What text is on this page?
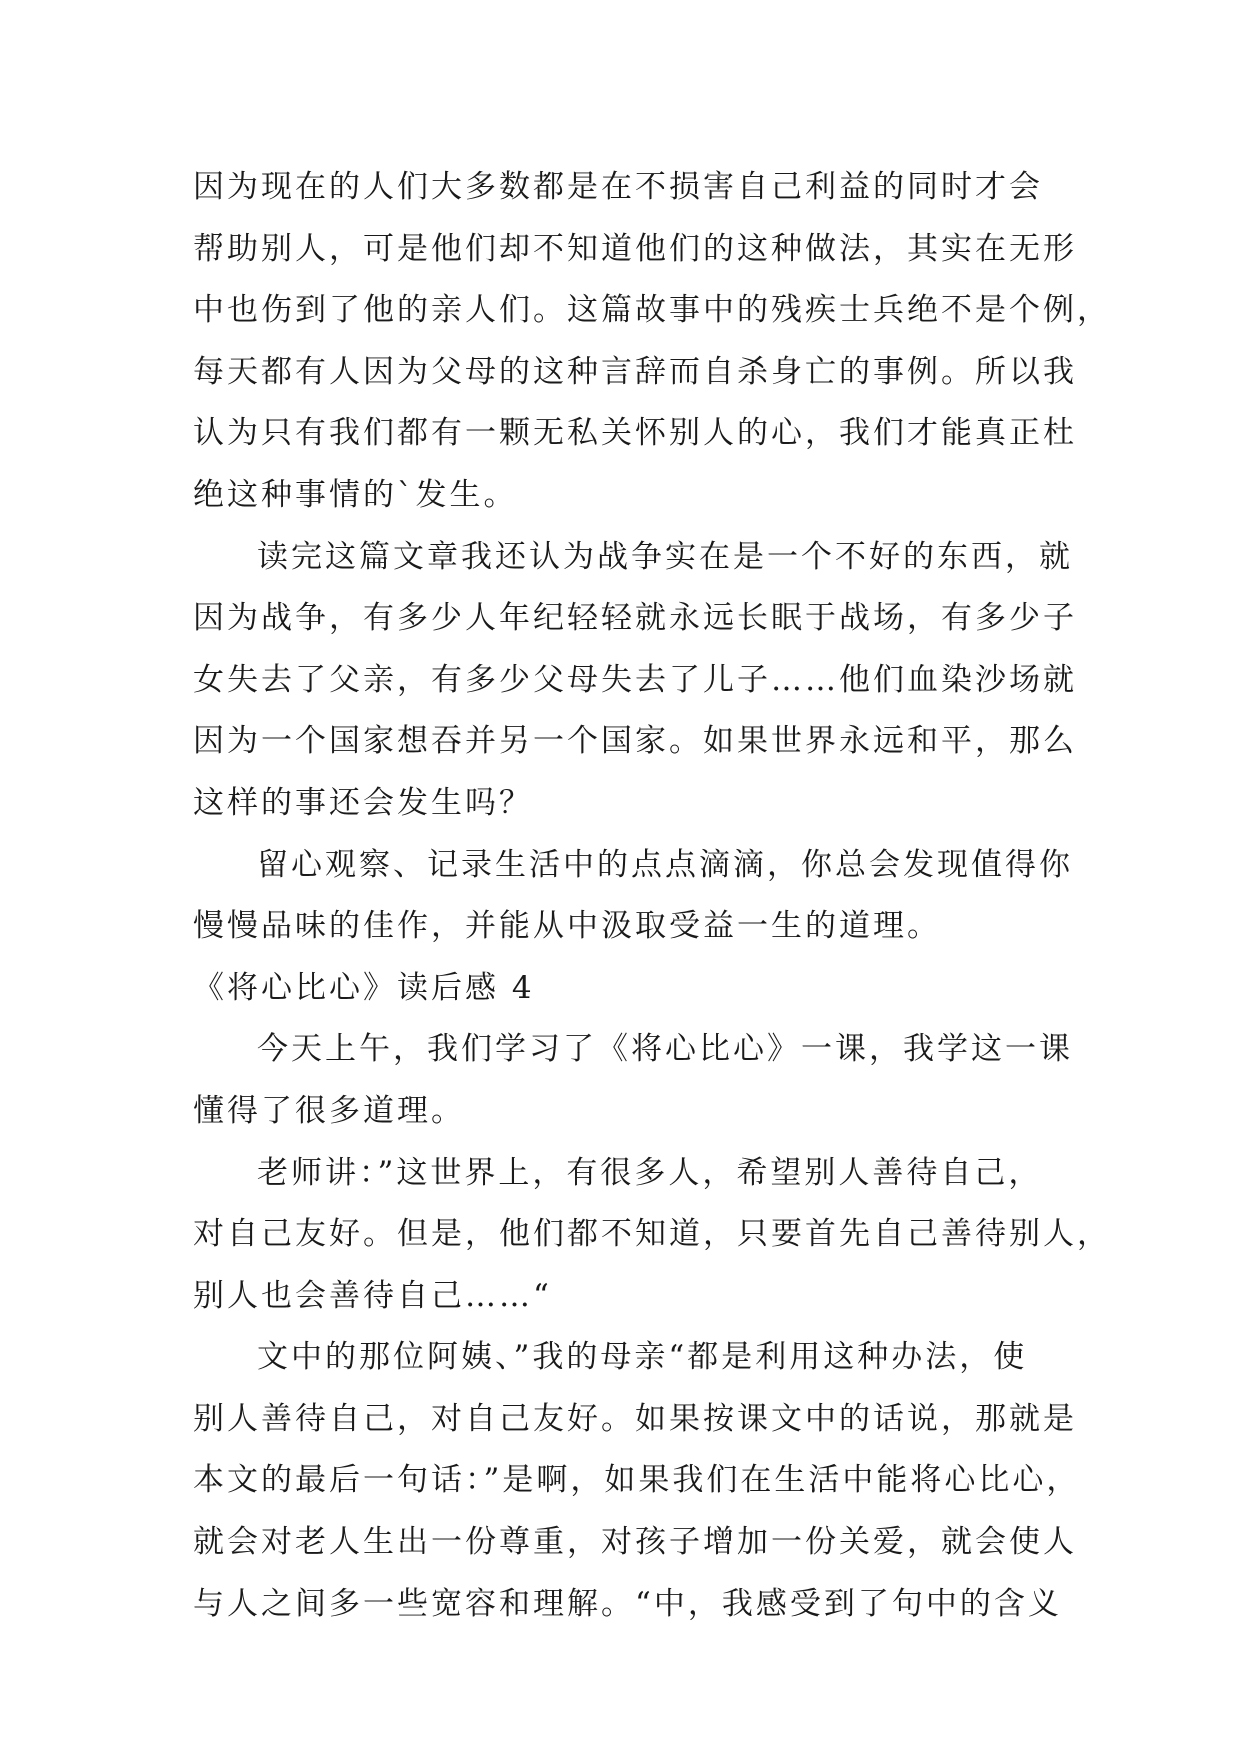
因为现在的人们大多数都是在不损害自己利益的同时才会
帮助别人，可是他们却不知道他们的这种做法，其实在无形
中也伤到了他的亲人们。这篇故事中的残疾士兵绝不是个例，
每天都有人因为父母的这种言辞而自杀身亡的事例。所以我
认为只有我们都有一颗无私关怀别人的心，我们才能真正杜
绝这种事情的`发生。
读完这篇文章我还认为战争实在是一个不好的东西，就
因为战争，有多少人年纪轻轻就永远长眠于战场，有多少子
女失去了父亲，有多少父母失去了儿子……他们血染沙场就
因为一个国家想吞并另一个国家。如果世界永远和平，那么
这样的事还会发生吗？
留心观察、记录生活中的点点滴滴，你总会发现值得你
慢慢品味的佳作，并能从中汲取受益一生的道理。
《将心比心》读后感 4
今天上午，我们学习了《将心比心》一课，我学这一课
懂得了很多道理。
老师讲：”这世界上，有很多人，希望别人善待自己，
对自己友好。但是，他们都不知道，只要首先自己善待别人，
别人也会善待自己……“
文中的那位阿姨、”我的母亲“都是利用这种办法，使
别人善待自己，对自己友好。如果按课文中的话说，那就是
本文的最后一句话：”是啊，如果我们在生活中能将心比心，
就会对老人生出一份尊重，对孩子增加一份关爱，就会使人
与人之间多一些宽容和理解。“中，我感受到了句中的含义
